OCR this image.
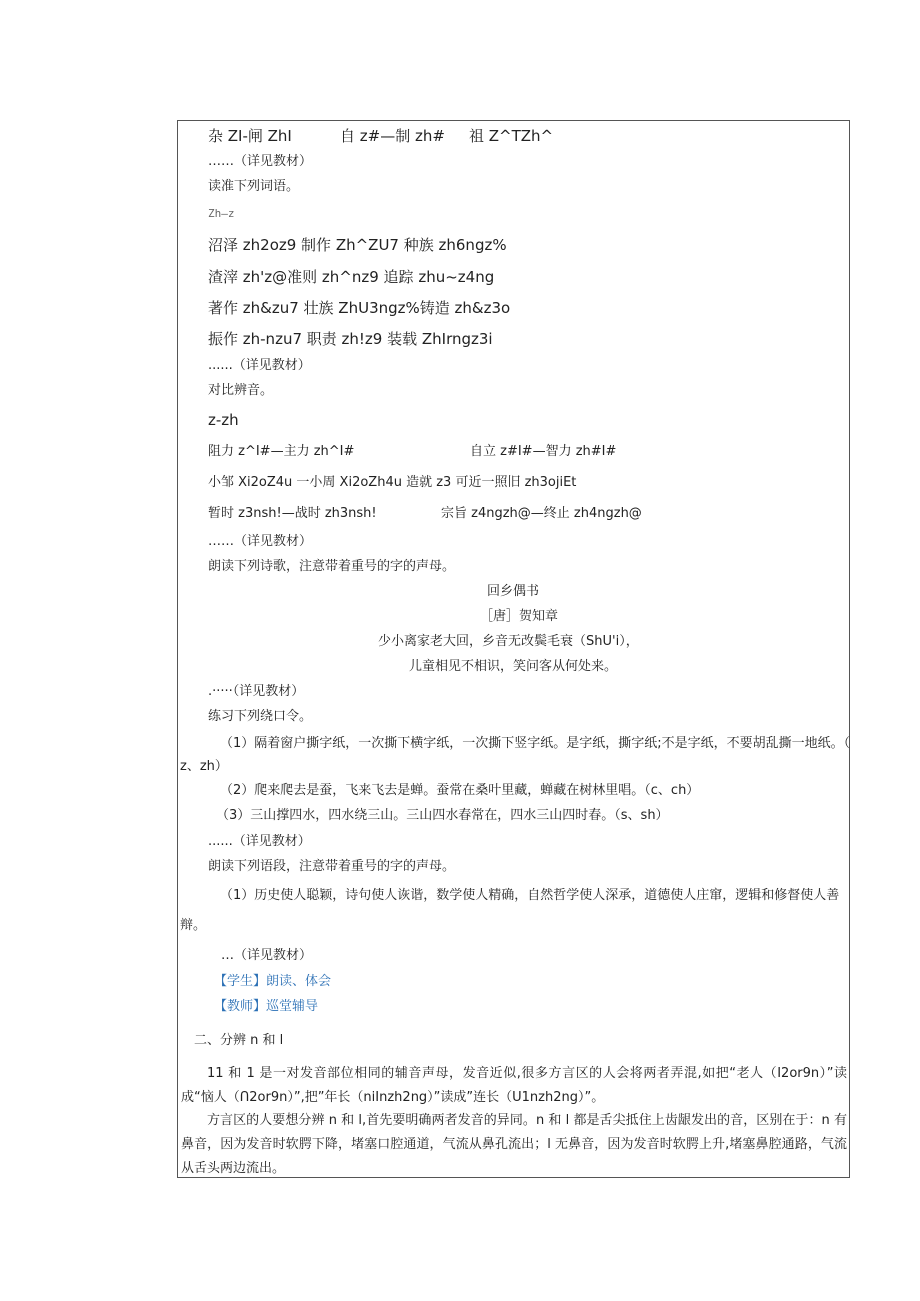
杂 ZI-闸 ZhI	自 z#—制 zh# 祖 Z^TZh^
……（详见教材）
读准下列词语。
Zh—z
沼泽 zh2oz9 制作 Zh^ZU7 种族 zh6ngz%
渣滓 zh'z@准则 zh^nz9 追踪 zhu~z4ng
著作 zh&zu7 壮族 ZhU3ngz%铸造 zh&z3o
振作 zh-nzu7 职责 zh!z9 装载 ZhIrngz3i
......（详见教材）
对比辨音。
z-zh
阻力 z^I#—主力 zh^I#	自立 z#I#—智力 zh#I#
小邹 Xi2oZ4u 一小周 Xi2oZh4u 造就 z3 可近一照旧 zh3ojiEt
暂时 z3nsh!—战时 zh3nsh!	宗旨 z4ngzh@—终止 zh4ngzh@
……（详见教材）
朗读下列诗歌，注意带着重号的字的声母。
回乡偶书
［唐］贺知章
少小离家老大回，乡音无改鬓毛衰（ShU'i），
儿童相见不相识，笑问客从何处来。
.·····（详见教材）
练习下列绕口令。
（1）隔着窗户撕字纸，一次撕下横字纸，一次撕下竖字纸。是字纸，撕字纸;不是字纸，不要胡乱撕一地纸。（
z、zh）
（2）爬来爬去是蚕，飞来飞去是蝉。蚕常在桑叶里藏，蝉藏在树林里唱。（c、ch）
（3）三山撑四水，四水绕三山。三山四水春常在，四水三山四时春。（s、sh）
......（详见教材）
朗读下列语段，注意带着重号的字的声母。
（1）历史使人聪颖，诗句使人诙谐，数学使人精确，自然哲学使人深承，道德使人庄窜，逻辑和修督使人善
辩。
…（详见教材）
【学生】朗读、体会
【教师】巡堂辅导
二、分辨 n 和 l
11 和 1 是一对发音部位相同的辅音声母，发音近似,很多方言区的人会将两者弄混,如把“老人（I2or9n）”读成“恼人（Ո2or9n）”,把”年长（niInzh2ng）”读成”连长（U1nzh2ng）”。
方言区的人要想分辨 n 和 l,首先要明确两者发音的异同。n 和 l 都是舌尖抵住上齿龈发出的音，区别在于：n 有鼻音，因为发音时软腭下降，堵塞口腔通道，气流从鼻孔流出；l 无鼻音，因为发音时软腭上升,堵塞鼻腔通路，气流从舌头两边流出。
